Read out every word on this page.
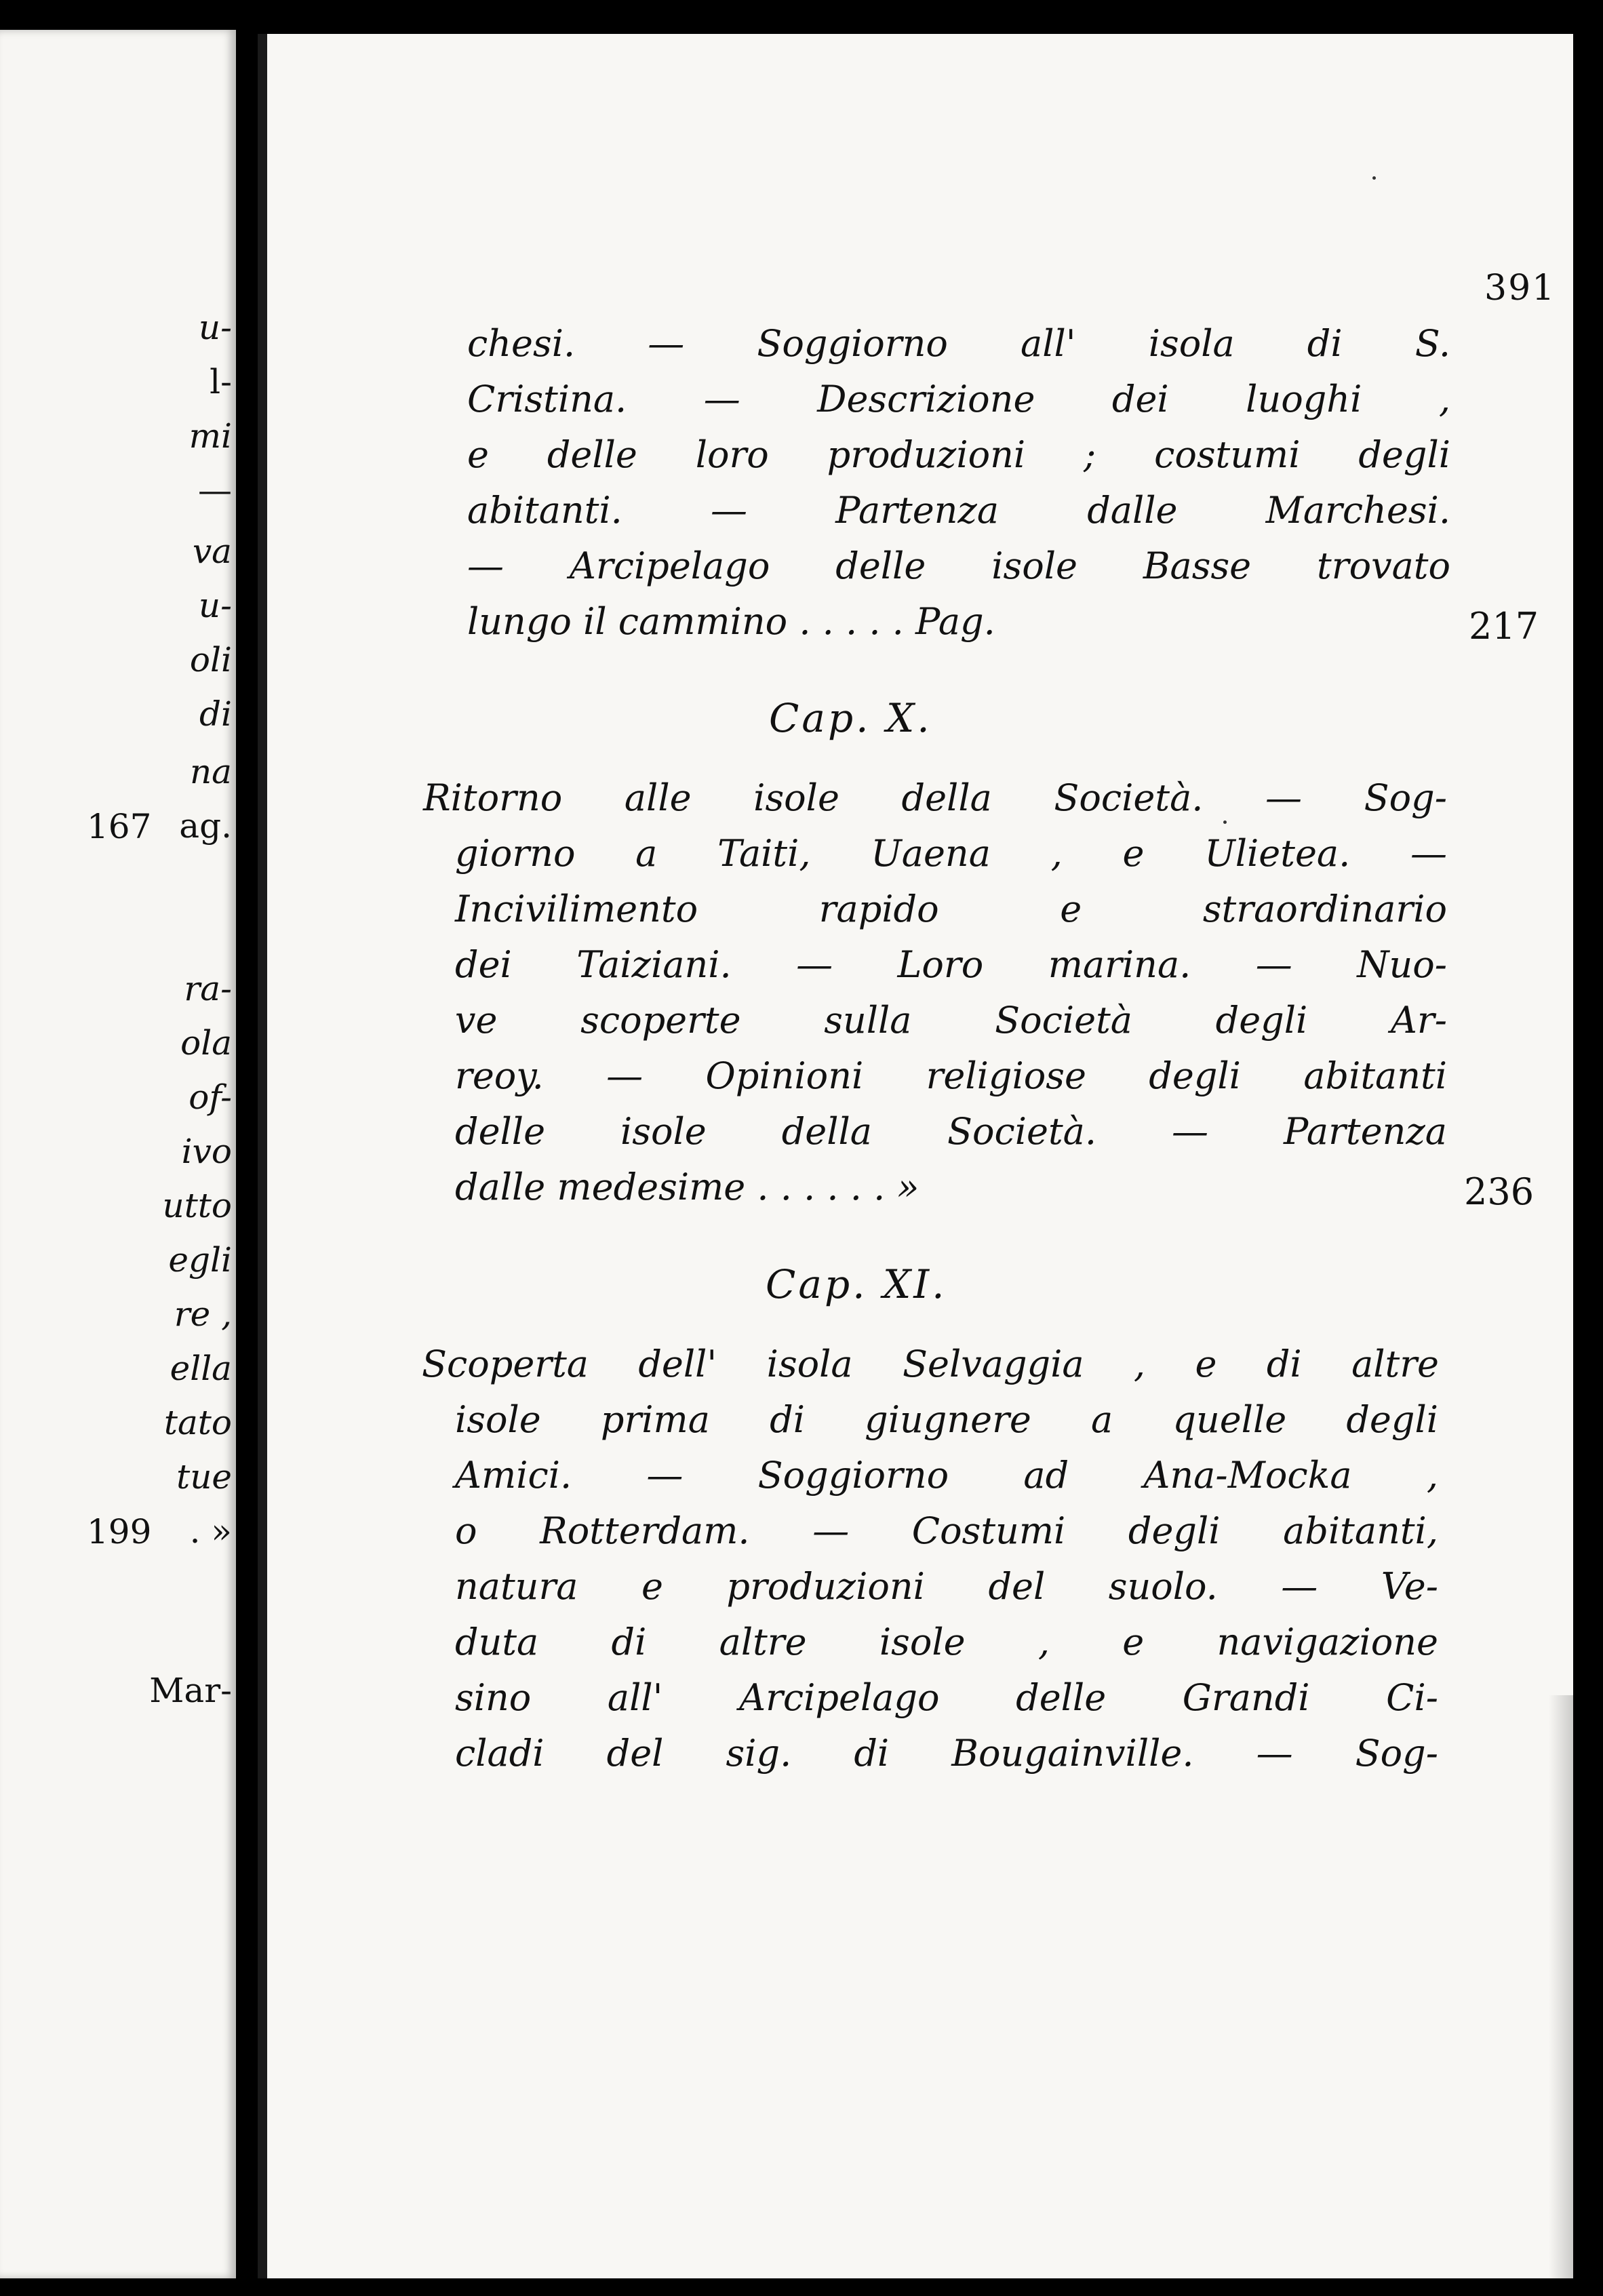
u-
l-
mi
—
va
u-
oli
di
na
ag.
ra-
ola
of-
ivo
utto
egli
re ,
ella
tato
tue
. »
Mar-
167
199
391
chesi. — Soggiorno all' isola di S.
Cristina. — Descrizione dei luoghi ,
e delle loro produzioni ; costumi degli
abitanti. — Partenza dalle Marchesi.
— Arcipelago delle isole Basse trovato
lungo il cammino . . . . . Pag.	217
Cap. X.
Ritorno alle isole della Società. — Sog-
giorno a Taiti, Uaena , e Ulietea. —
Incivilimento rapido e straordinario
dei Taiziani. — Loro marina. — Nuo-
ve scoperte sulla Società degli Ar-
reoy. — Opinioni religiose degli abitanti
delle isole della Società. — Partenza
dalle medesime . . . . . . »	236
Cap. XI.
Scoperta dell' isola Selvaggia , e di altre
isole prima di giugnere a quelle degli
Amici. — Soggiorno ad Ana-Mocka ,
o Rotterdam. — Costumi degli abitanti,
natura e produzioni del suolo. — Ve-
duta di altre isole , e navigazione
sino all' Arcipelago delle Grandi Ci-
cladi del sig. di Bougainville. — Sog-
